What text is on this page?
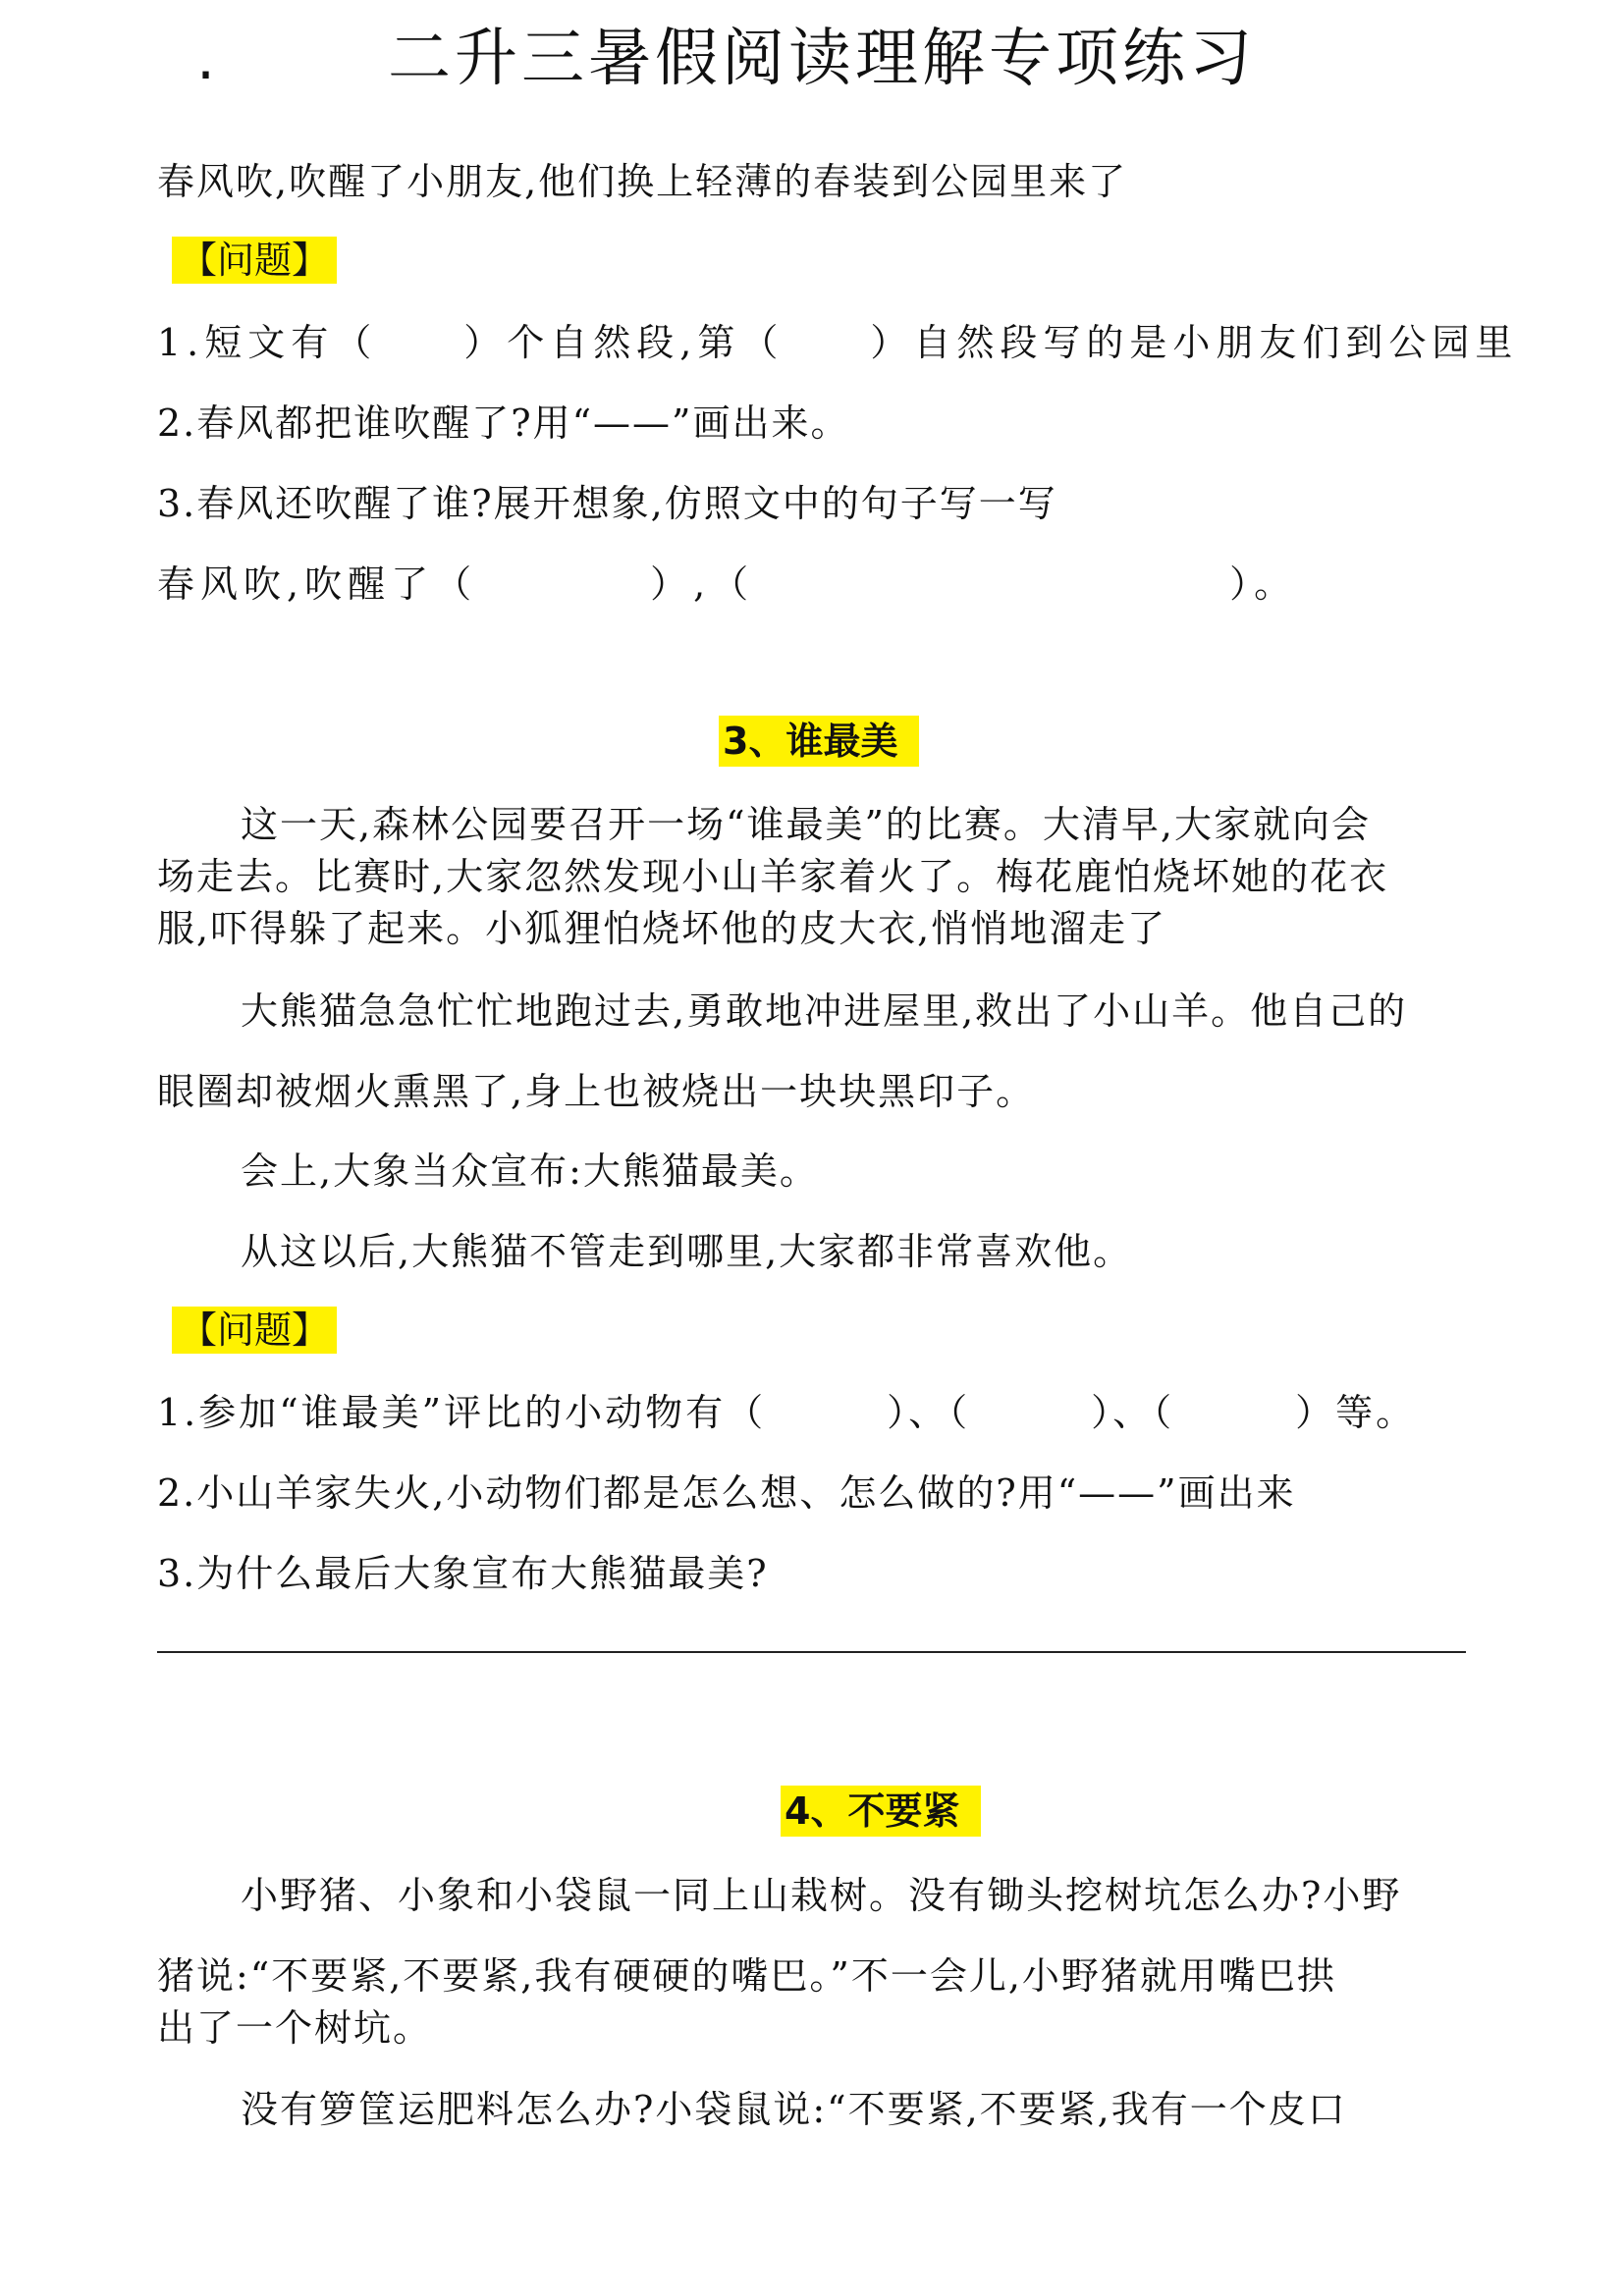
.	二升三暑假阅读理解专项练习
春风吹,吹醒了小朋友,他们换上轻薄的春装到公园里来了
【问题】
1.短文有（　　）个自然段,第（　　）自然段写的是小朋友们到公园里
2.春风都把谁吹醒了?用“——”画出来。
3.春风还吹醒了谁?展开想象,仿照文中的句子写一写
春风吹,吹醒了（　　　　）,（　　　　　　　　　　　）。
3、谁最美
这一天,森林公园要召开一场“谁最美”的比赛。大清早,大家就向会
场走去。比赛时,大家忽然发现小山羊家着火了。梅花鹿怕烧坏她的花衣
服,吓得躲了起来。小狐狸怕烧坏他的皮大衣,悄悄地溜走了
大熊猫急急忙忙地跑过去,勇敢地冲进屋里,救出了小山羊。他自己的
眼圈却被烟火熏黑了,身上也被烧出一块块黑印子。
会上,大象当众宣布:大熊猫最美。
从这以后,大熊猫不管走到哪里,大家都非常喜欢他。
【问题】
1.参加“谁最美”评比的小动物有（　　　）、（　　　）、（　　　）等。
2.小山羊家失火,小动物们都是怎么想、怎么做的?用“——”画出来
3.为什么最后大象宣布大熊猫最美?
4、不要紧
小野猪、小象和小袋鼠一同上山栽树。没有锄头挖树坑怎么办?小野
猪说:“不要紧,不要紧,我有硬硬的嘴巴。”不一会儿,小野猪就用嘴巴拱
出了一个树坑。
没有箩筐运肥料怎么办?小袋鼠说:“不要紧,不要紧,我有一个皮口
